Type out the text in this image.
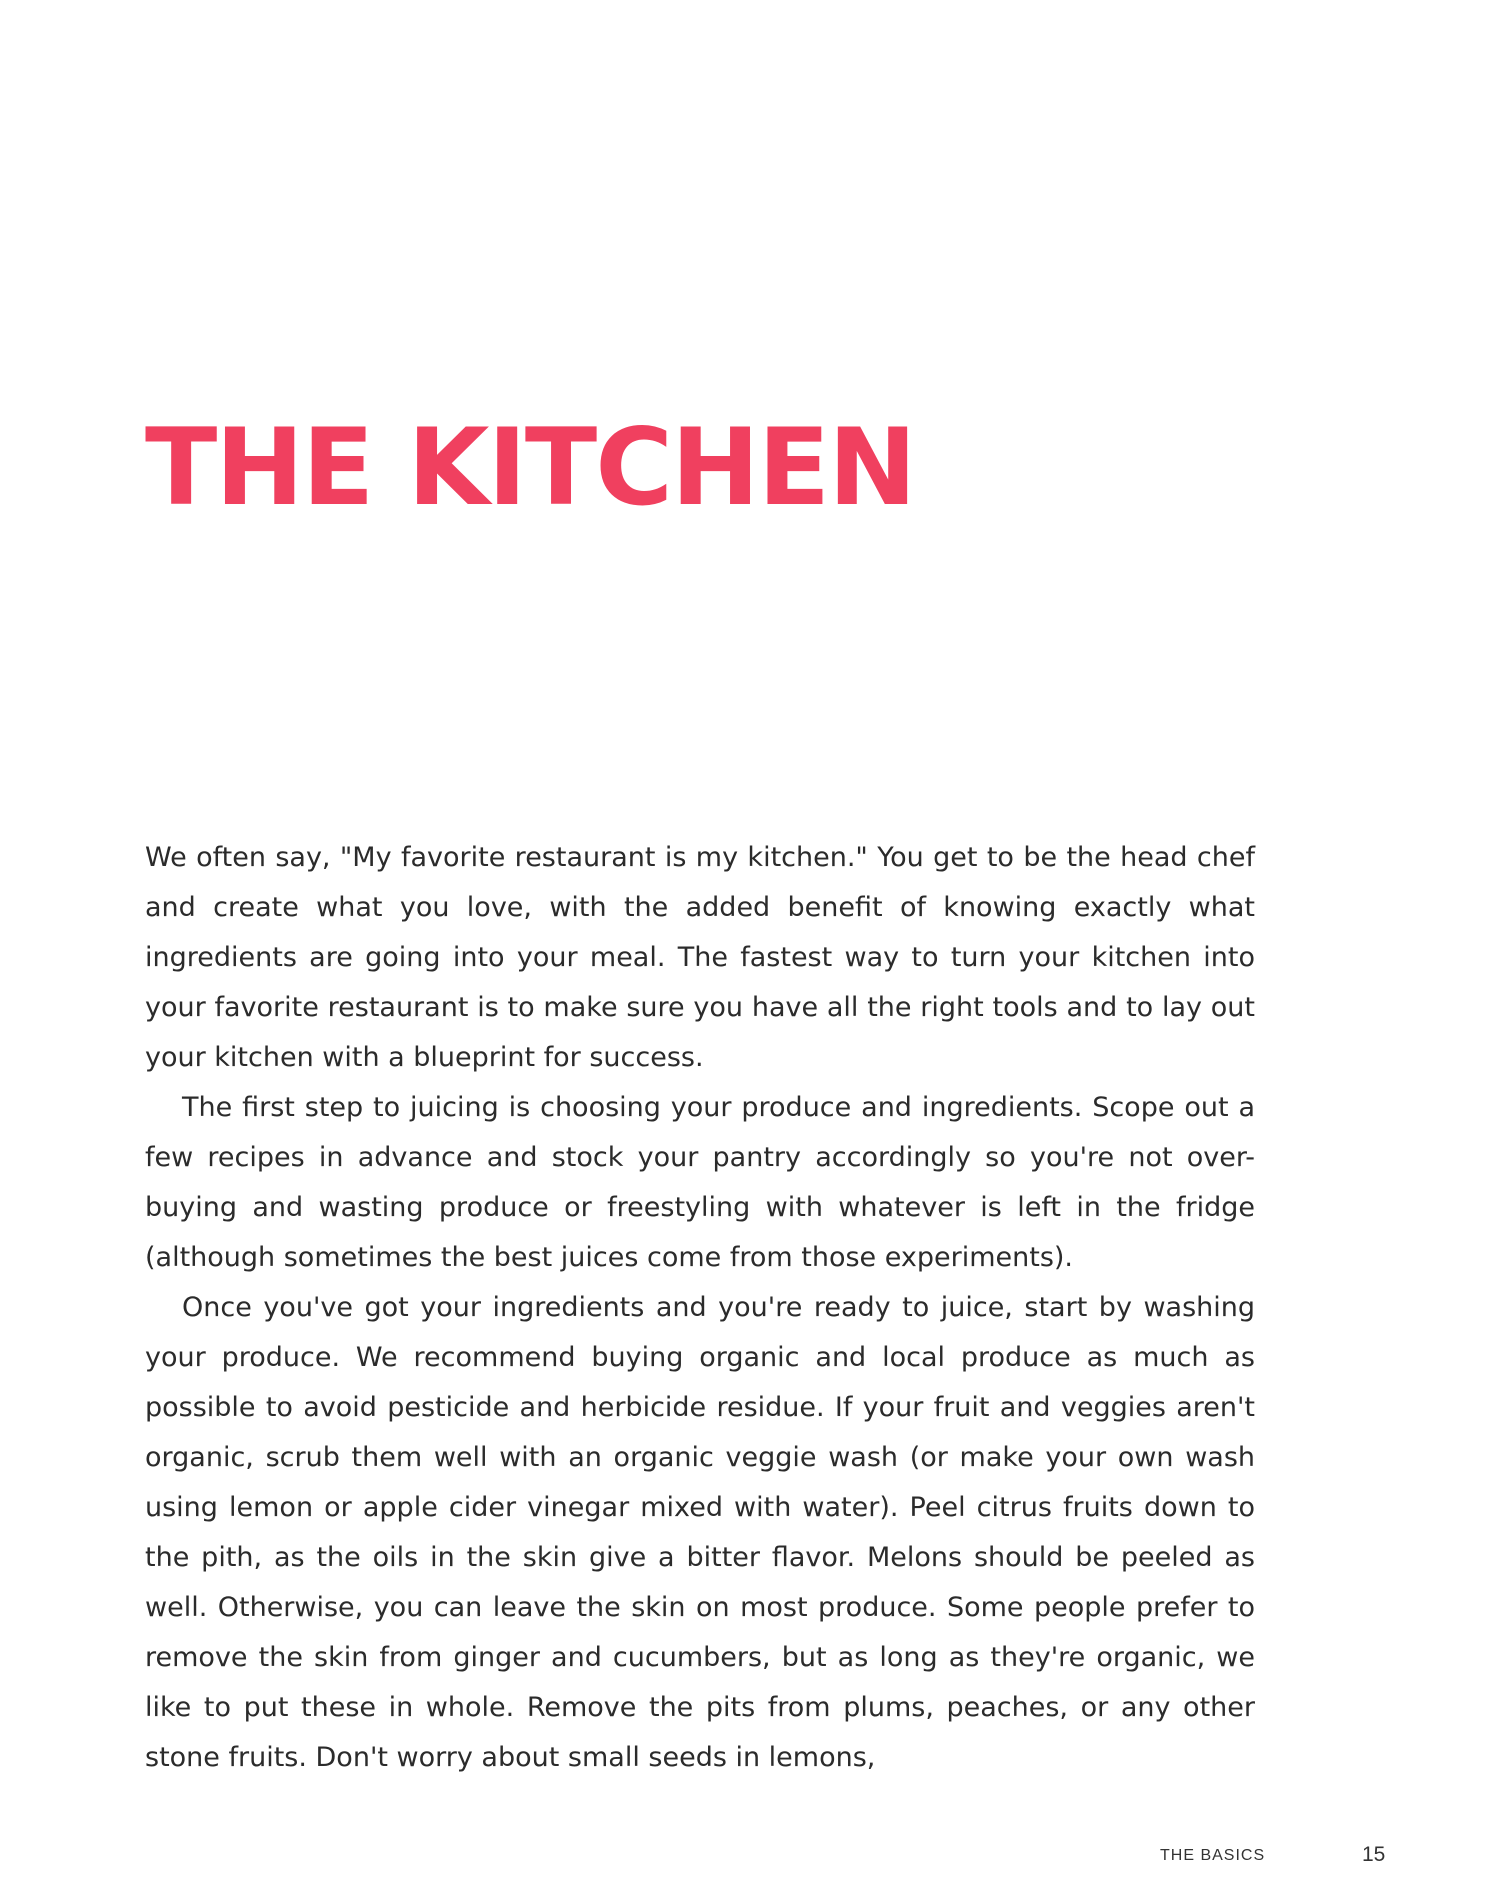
THE KITCHEN

We often say, "My favorite restaurant is my kitchen." You get to be the head chef and create what you love, with the added benefit of knowing exactly what ingredients are going into your meal. The fastest way to turn your kitchen into your favorite restaurant is to make sure you have all the right tools and to lay out your kitchen with a blueprint for success.

The first step to juicing is choosing your produce and ingredients. Scope out a few recipes in advance and stock your pantry accordingly so you're not over-buying and wasting produce or freestyling with whatever is left in the fridge (although sometimes the best juices come from those experiments).

Once you've got your ingredients and you're ready to juice, start by washing your produce. We recommend buying organic and local produce as much as possible to avoid pesticide and herbicide residue. If your fruit and veggies aren't organic, scrub them well with an organic veggie wash (or make your own wash using lemon or apple cider vinegar mixed with water). Peel citrus fruits down to the pith, as the oils in the skin give a bitter flavor. Melons should be peeled as well. Otherwise, you can leave the skin on most produce. Some people prefer to remove the skin from ginger and cucumbers, but as long as they're organic, we like to put these in whole. Remove the pits from plums, peaches, or any other stone fruits. Don't worry about small seeds in lemons,

THE BASICS	15
